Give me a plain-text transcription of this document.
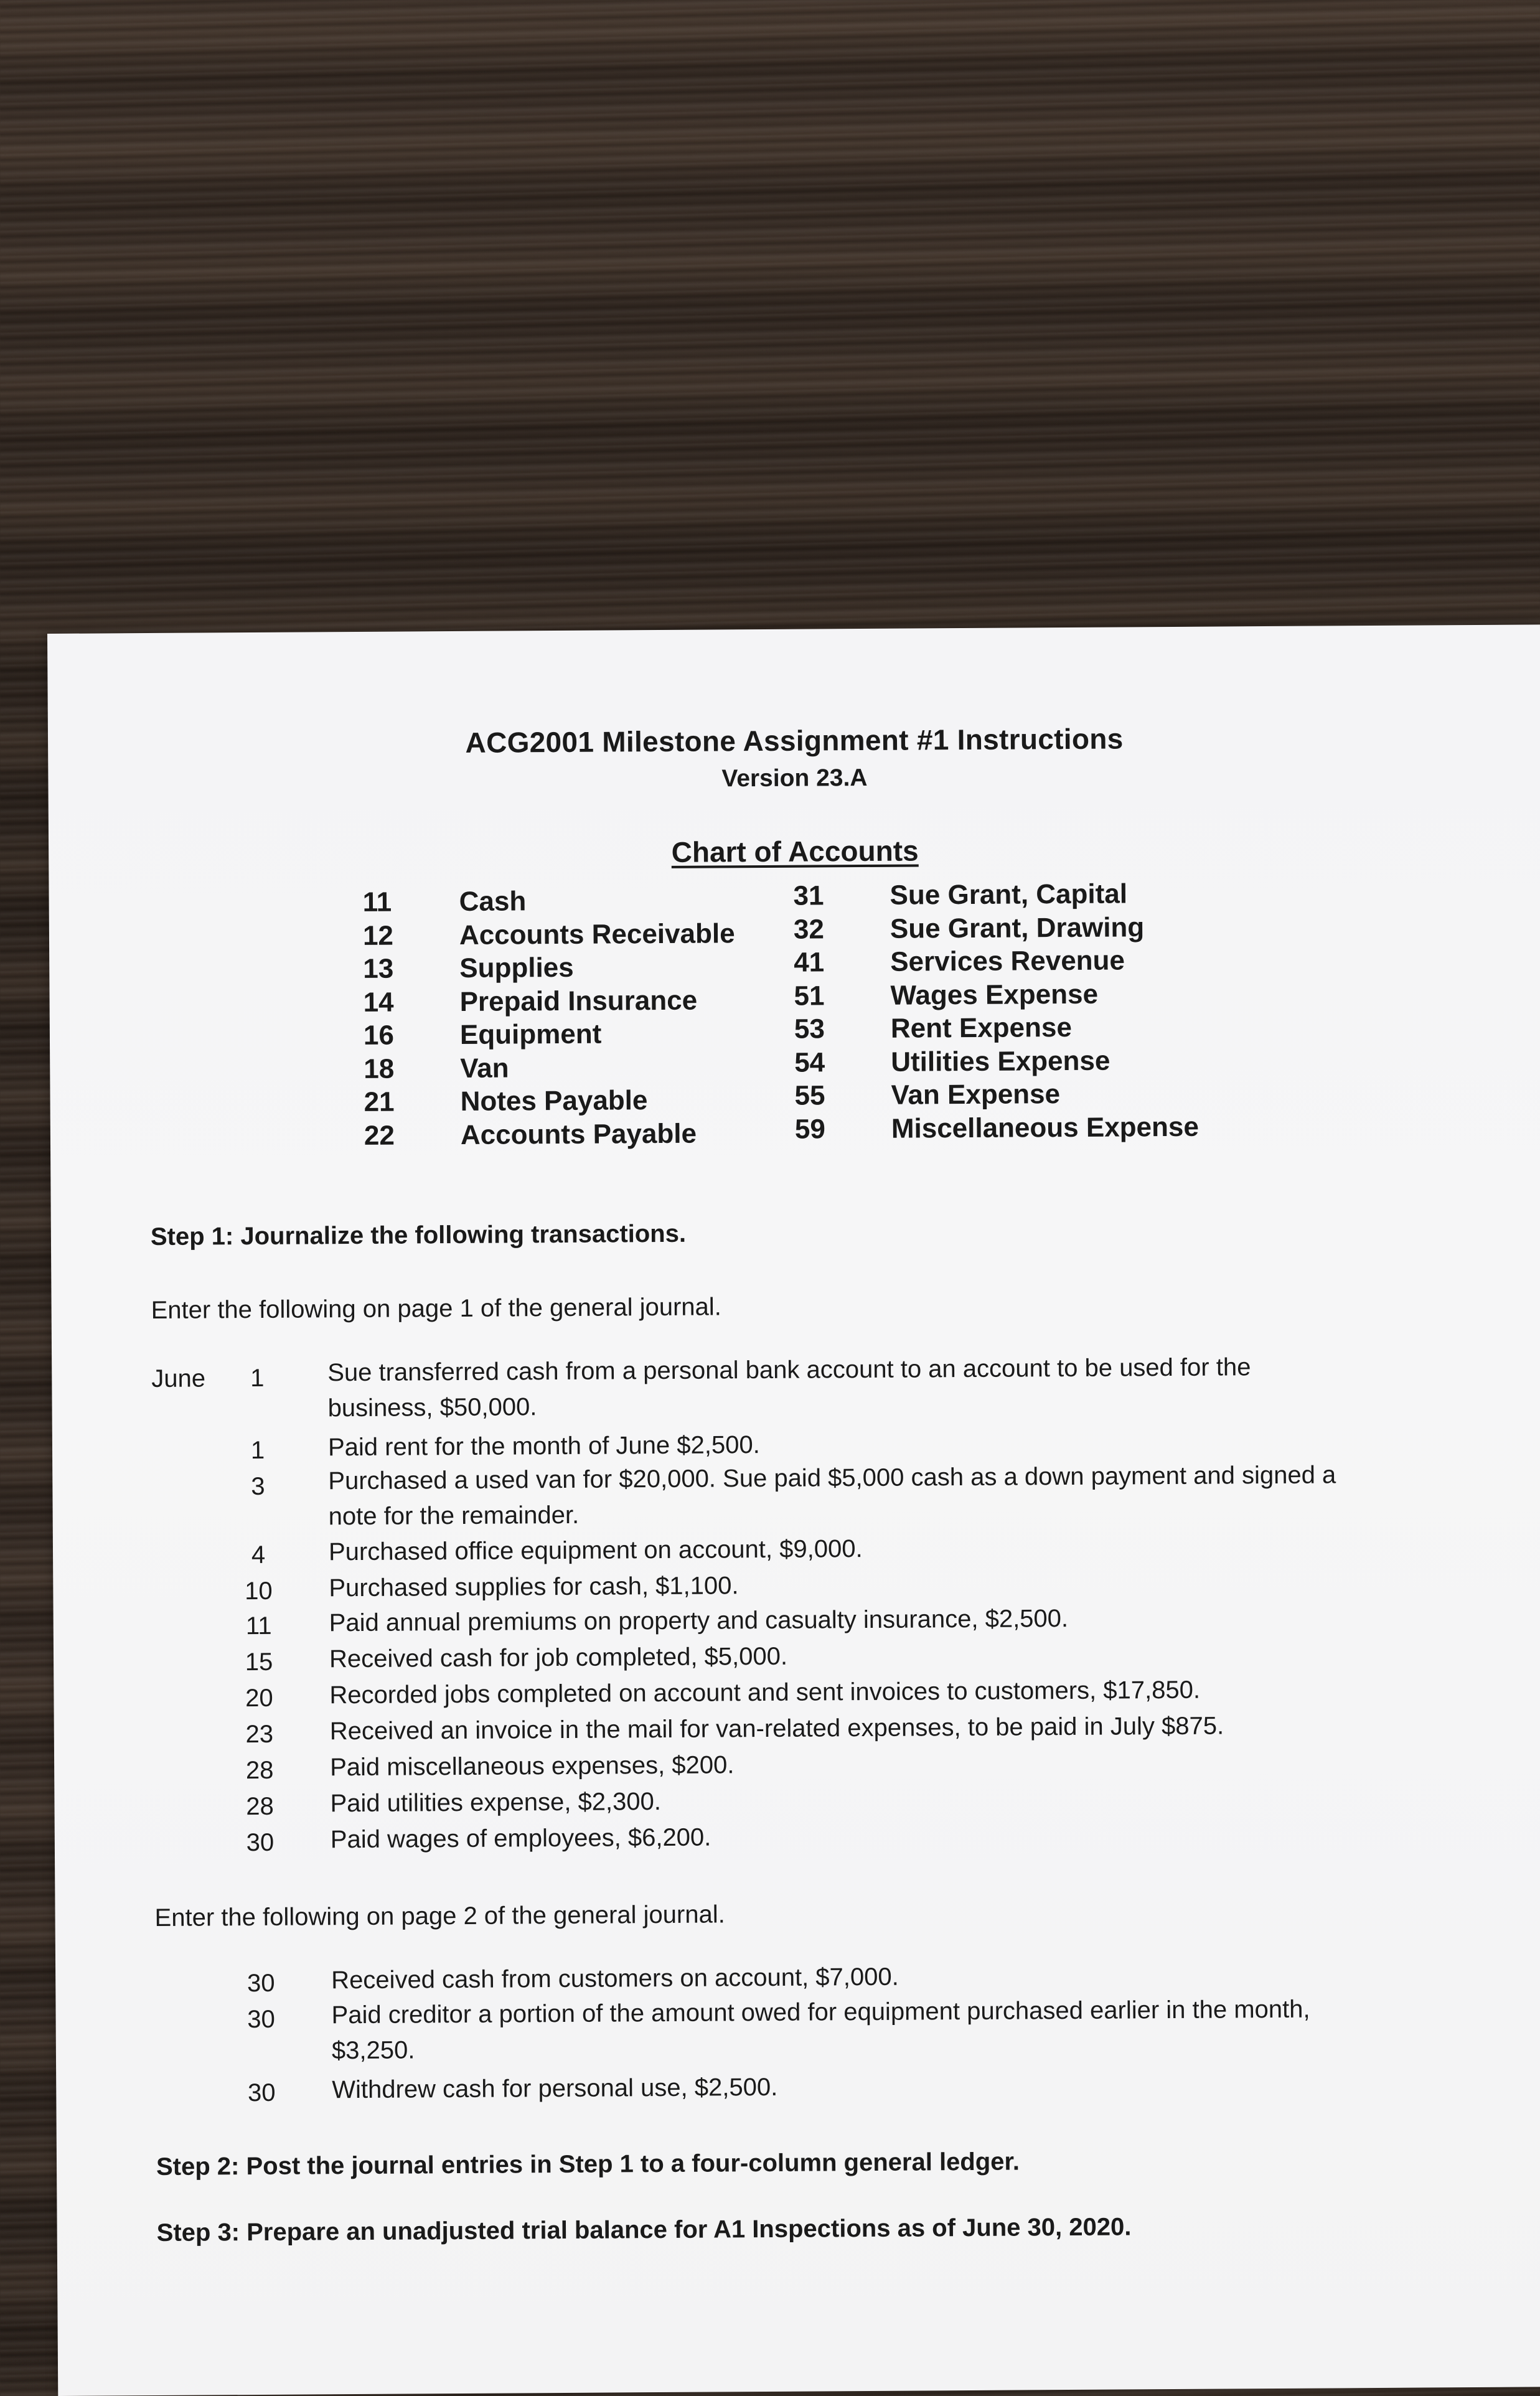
ACG2001 Milestone Assignment #1 Instructions
Version 23.A
Chart of Accounts
11 Cash
12 Accounts Receivable
13 Supplies
14 Prepaid Insurance
16 Equipment
18 Van
21 Notes Payable
22 Accounts Payable
31 Sue Grant, Capital
32 Sue Grant, Drawing
41 Services Revenue
51 Wages Expense
53 Rent Expense
54 Utilities Expense
55 Van Expense
59 Miscellaneous Expense
Step 1: Journalize the following transactions.
Enter the following on page 1 of the general journal.
June	1	Sue transferred cash from a personal bank account to an account to be used for the business, $50,000.
1	Paid rent for the month of June $2,500.
3	Purchased a used van for $20,000. Sue paid $5,000 cash as a down payment and signed a note for the remainder.
4	Purchased office equipment on account, $9,000.
10	Purchased supplies for cash, $1,100.
11	Paid annual premiums on property and casualty insurance, $2,500.
15	Received cash for job completed, $5,000.
20	Recorded jobs completed on account and sent invoices to customers, $17,850.
23	Received an invoice in the mail for van-related expenses, to be paid in July $875.
28	Paid miscellaneous expenses, $200.
28	Paid utilities expense, $2,300.
30	Paid wages of employees, $6,200.
Enter the following on page 2 of the general journal.
30	Received cash from customers on account, $7,000.
30	Paid creditor a portion of the amount owed for equipment purchased earlier in the month, $3,250.
30	Withdrew cash for personal use, $2,500.
Step 2: Post the journal entries in Step 1 to a four-column general ledger.
Step 3: Prepare an unadjusted trial balance for A1 Inspections as of June 30, 2020.
